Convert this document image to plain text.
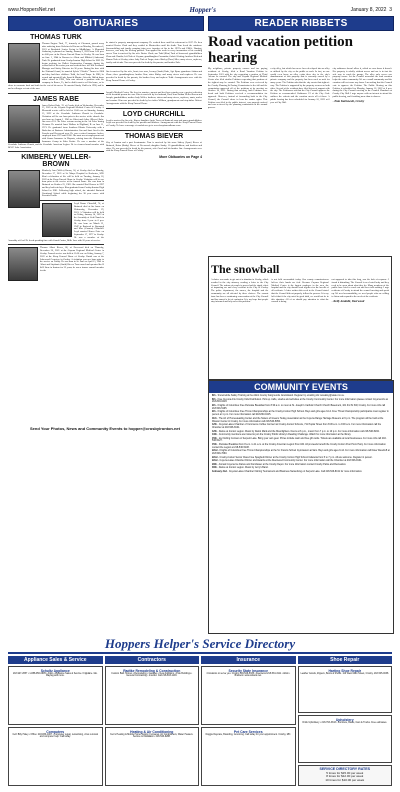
www.HoppersNet.net	Hopper's	January 8, 2022 3
OBITUARIES	READER RIBBETS
THOMAS TURK
Thomas Eugene Turk, 77, formerly of Clermont, passed away after suffering from Alzheimer's Disease on Monday, December 6, 2021 at Brookside Senior Living in Middlebury. A Memorial Gathering is planned on Sunday, January 9, 2022 from 1:00 p.m. to 4:00 p.m. at the Kovac Funeral Home in Crosby. He was born on June 1, 1944 in Bremen to Albert and Mildred (Anderson) Turk. He graduated from Crosby-Ironton High School in 1962. He began working for Hallett Construction Company during the second half of his senior year and worked there as Field Personnel Manager and Safety Director for 56 years. During his time with the National Guard, he married Sylvia "Chickie" Turner in 1966 and they had three children: Todd, Joel and Tanya. In 1980, he owned and operated Lake Sport & Marine. After the Hallett home office closed in 1996, Tom was offered a position with the company in Boone, IA, but he didn't want to sell his home, so he chose to commute back and forth for the rest of his career. He married Sandy Vinkler in 1998, and he and a colleague set out of the men
JAMES RABE
James Robert Rabe, 76, of Crosby died on Wednesday, December 15, 2021 at the Cuyuna Regional Medical Center in Crosby. A Memorial service will be held at 11:00 a.m. on Saturday, January 15, 2022 at the Crosslake Lutheran Church in Crosslake. Visitation will be one hour prior to the service at the church. Jim was born on August 1, 1945 to Albert and Arline (Meyer) Rabe. Jim was a U.S. Air Force veteran serving in the Air Force during Vietnam. He married Janet Wallner in Highland, IL on June 11, 1971. He graduated from Southern Illinois University with a Bachelors of Business Administration. Jim and Janet lived in the Lincoln and Deerwood area. He was a retired insurance broker, employed from 1972 until 2016. His most recent employment was with Garner Insurance in Wayzata, retiring from the Christensen Insurance Group in Eden Prairie. He was a member of the Crosslake Lutheran Church, and the Crosslake American Legion. He is a former board member with RCCC Lake Association.
KIMBERLY WELLER-BROWN
Kimberly Ann (Weller) Brown, 58, of Crosby died on Monday, December 27, 2021 at St. Marys Hospital in Rochester, MN. Kim's celebration of life will be held on Tuesday, January 18, 2022 at the Koop Funeral Home in Crosby. Visitation will be one hour prior to the service at the funeral home. She was born in Brainerd on October 25, 1963. She married Karl Brown in 1997 and they had twin boys. Kim graduated from Crosby-Ironton High School in 1981. Following high school, she attended Brainerd Vocational School while beginning her 38 year career with Essentia Health.
Loyd Duane Churchill, 74, of Brainerd died at his home on Wednesday, December 29, 2021. A Visitation will be held on Friday, January 14, 2022 at the Assembly of God Church in Crosby from 3 p.m. to 6 p.m. He was born on March 21, 1947 in Brainerd to Raymond and Mae (Cannon) Churchill. Loyd married Karen Price on September 17, 1977 in Crosby. He was a member of the Assembly of God. He loved spending time with Grand Casino, Mille Lacs with 20 years of service.
Thomas Albert Biever, 80, of Deerwood died on Thursday, December 30, 2021 at the Cuyuna Regional Medical Center in Crosby. Funeral service was held at 11:00 a.m. on Friday, January 7, 2022 at the Koop Funeral Home of Crosby. Burial was at the Lakewood Cemetery in Crosby. A visitation was one hour prior to the service on Friday. He was born in St. Paul on April 15, 1941 to Albert and Stephanie (Smid) Biever. Tom owned and operated the B & B Store in Ironton for 22 years; he was a former council member for the
he started a property management company. He worked there until his retirement in 2017. He then married Denise Clark and they resided in Montevideo until his death. Tom loved the outdoors. Snowmobiling and family camping trips were favorites of his in the 1970's and 1980's. Hunting, however, was truly his lifelong passion. Tom applied his work in every incarnation of his working career. Tom is survived by his wife Denise Clark; son Todd (Kim) Turk of Ironwood; grandchildren Clara and Claudia; Jeff Turk of Cuyuna; granddaughter Cassandra; Gabriel Cutting; brothers Rich and Sharon Turk of Crosby; sister Judy Turk of Fargo; sister Shirley (Harv) Moe; many nieces, nephews, family and friends. Tom was preceded in death by his parents; and brother Dale.
Jim is survived by his wife, Janet; two sons, Jeremy (Sarah) Rabe, Sgt. Ryan; grandsons Ashton and Chase; three granddaughters; brother Ron; sister Kathy; and many nieces and nephews. He was preceded in death by his parents, his brother Jerry and nephew Todd. Arrangements were with the Koop Funeral Home of Crosby.
Joseph's Medical Center. Her love for sunrises, sunsets and her flower garden were a perfect reflection of the beautiful person she was. Kim is survived by her husband, Karl; sons Nathan Weller-Brown and Joseph; grandchildren; mother Judy Weller; brothers; sisters and many nieces, nephews, aunts, uncles and cousins. Kim was preceded in death by her father William, grandparents and step-father Robert. Arrangements with the Koop Funeral Home.
LOYD CHURCHILL
Loyd is survived by his wife, Karen; daughter Angie Tower of Brainerd; sons and many grandchildren. Loyd was preceded in death by his parents and brothers. Arrangements with the Koop Funeral Home of Crosby. To leave a message of condolence go to www.koopfuneralhome.com.
THOMAS BIEVER
City of Ironton and a past Scoutmaster. Tom is survived by his sons: Sidney (Lynn) Biever of Brainerd, Brian (Kathy) Biever of Deerwood; daughter Sandy; 10 grandchildren; and brothers and sister. He was preceded in death by his parents, wife Carol and his brother Jim. Arrangements were with the Koop Funeral Home of Crosby.
More Obituaries on Page 4
Send Your Photos, News and Community Events to hopper@crosbyironton.net
Road vacation petition hearing
My neighbors, private property owners and tax paying residents of Crosby, filed a Road Vacation Petition in September 2021 with the city requesting a portion of Third Avenue be vacated. The city and Cuyuna Regional Medical Center also filed similar Petitions requesting that portions of the right-of-way be vacated. The Petitions were reviewed by the Crosby Planning & Zoning Commission in the fall and the commission approved all of the petitions at its meeting on October 18, 2021. During that meeting, both Petitions were heard and both Petitions received a recommendation for approval. However, instead of forwarding both to the City Council, the Council chose to hear the matter again. This Petition was filed in the public interest, was properly noticed and was reviewed by the planning commission in the normal process.
a city alley, but which has never been developed into an alley or utilized by the city or the public as such. In fact, no one would even know an alley exists there due to the city's abandonment of this property that is currently owned by a private company and the property has been used as such for many years. The Petition asks that the city vacate that right-of-way. The Petition is supported by the property owners on both sides. Several of the residents have filed letters of support with the city. The Petitioners ask that the City Council approve the Petition as recommended. Ordinance 19 of the City Code outlines the criteria and the vacation meets all of them. A public hearing has been scheduled for January 10, 2022 at 6 p.m. at City Hall.
city ordinance doesn't allow it, which we now know it doesn't. Her property is wholly without access and use is in fact the sole way to reach the garage. The alley only serves one property owner. Let the Council remember the road vacation helps the entire community. We are a small community and the vacation will not cause any harm. I am asking that the Council vote to approve the Petition. The Public Hearing on this Petition is scheduled for Monday, January 10, 2022 at 6 p.m. during the City Council meeting in the Council Chambers at Crosby City Hall. I urge anyone with an interest to attend the public hearing, and if nothing more than to observe.
- Pam Karkowski, Crosby
The snowball
A choice was made to get out of a situation in Crosby, which resulted in the city attorney sending a letter to the City Council. The actions of people in power had the ripple effect of impacting me and every resident in the City of Crosby. The police department, the nurses, the hospital and the community are all affected by these choices. The current issue has been a continuing conversation at the City Council and has caused a lot of confusion. It is my hope that people stay informed and help solve this problem.
is not held accountable today. Our county commissioners believe their hands are tied. Because Cuyuna Regional Medical Center is the largest employer in the area, the hospital and the city should work together for the benefit of all residents. A letter written this week to the Council stated that the Council did not properly follow the process. It is my belief that if the city acted in good faith, we would not be in this situation. All of us should pay attention to what the council is doing.
not supposed to take this long, was the lack of response. I found it disturbing. The Council is an elected body and they need to be open about what they do. Many members of the public have tried to reach out and been told nothing. I urge residents of Crosby to attend the council meeting and speak up. We need accountability, we need people who are willing to listen and respond to the needs of the residents.
- Kelly Amdahl, Deerwood
COMMUNITY EVENTS
8th - Snowmobile Safety Training at the Aitkin County Fairgrounds Grandstand. Register by emailing dnr.recsafety@state.mn.us.
8th - Free Cuyuna Arts Crosby Kids Distribution. Pick up crafts, snacks and activities at the Crosby Community Center. For more information please contact Cuyuna Arts at 218-833-0416.
9th - Knights of Columbus Free Pancake Breakfast from 8:30 a.m. to noon at St. Joseph's Catholic Church Church Basement, 101 3rd St SW, Crosby. For more info call 218-546-5195.
9th - Knights of Columbus Free Throw Championships at the Crosby-Ironton High School. Boys and girls ages 9-14. Free Throw Championship participants must register in person at 1 p.m. For more information call 218-833-0415.
11th - The Art of Homesteading Center and the Sisters of Greens Today presentation at the Cuyuna Range Heritage Museum at 6 p.m. The program will be held at the Mission Center in Crosby. For more information call 218-546-5050.
12th - Cuyuna Lakes Chamber of Commerce Coffee Connect at Crosby-Ironton Schools, 711 Poplar Street from 8:30 a.m. to 9:30 a.m. For more information call the Chamber at 218-546-8131.
12th - Dance at Ironton Legion. Music by Darrel Mark and the Moonlighters. Doors at 6 p.m., music from 7 p.m. to 10 p.m. For more information call 218-546-5202.
13th - Community members are invited to join the Crosby Public Library's Reading Challenge. Watch for more information at the library.
15th - Ice Fishing Contest on Serpent Lake. Bring your own gear. Prizes include cash and free gift cards. Tickets are available at local businesses. For more info call 218-546-5127.
15th - Pancake Breakfast from 8 a.m. to 11 a.m. at the Crosby American Legion Post 443. All proceeds benefit the Crosby Ironton Post Prom Party. For more information contact the Legion at 218-546-5138.
22nd - Knights of Columbus Free Throw Championships at the St. Francis School Gymnasium at 9am. Boys and girls ages 9-14. For more information call Dave Woodruff at 218-546-7060.
22nd - Crosby-Ironton Senior Class Free Spaghetti Dinner at the Crosby Ironton High School Cafeteria from 5 to 7 p.m. All are welcome. Register in person.
22nd - Cuyuna Lakes Chamber Dinner and Awards at the Deerwood Community Center. For more information call the Chamber at 218-546-8131.
29th - Annual Cuyuna Ice Dance and Fundraiser at the Crosby Depot. For more information contact Crosby Parks and Recreation.
30th - Dance at Ironton Legion. Music by Jerry's Band.
February 2nd - Cuyuna Lakes Chamber Fishing Tournament and Business Networking on Serpent Lake. Call 218-546-8131 for more information.
Hoppers Helper's Service Directory
Appliance Sales & Service
Schultz Appliance
218-927-2657 • 1-888-950-0695 • Aitkin. Appliance Sales & Service. Frigidaire. GE. Maytag and more.
Computers
Cell: Billy Haley • Office: 218-833-1007 • Computer repair, networking, virus removal and computer help. Call today.
Contractors
Radtke Remodeling & Construction
Custom Built Homes • Remodeling • Garages • New Additions • Pole Buildings • General Contracting • Insured. Call 218-833-1103.
Heating & Air Conditioning
Ken's Heating & Mobile Home Supply. Furnaces, Air Conditioners, Water Heaters. Service & Installation. 218-546-6288.
Insurance
Security State Insurance
4 locations to serve you. Crosby 218-546-5335 • Deerwood 218-534-3111 • Aitkin • Brainerd. www.ssbank.net.
Pet Care Services
Doggie Daycare, Boarding, Grooming. Call today for your appointment. Crosby, MN.
Shoe Repair
Harting Shoe Repair
Leather Goods, Zippers, Boots & Shoes. 110 West Main Street, Crosby. 218-545-0038.
Upholstery
Drink Upholstery • 218-763-3343 • Furniture, Boats, Cars & Trucks. Free estimates.
SERVICE DIRECTORY RATES
5 times for $15.00 per week
8 times for $12.00 per week
10 times for $10.00 per week
